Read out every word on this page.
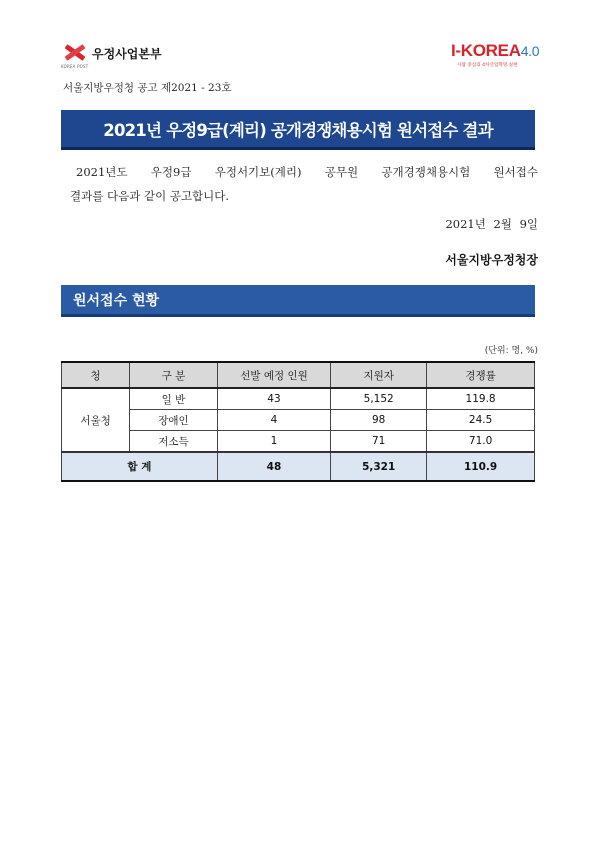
우정사업본부
KOREA POST
I-KOREA4.0
사람 중심의 4차산업혁명 실현
서울지방우정청 공고 제2021 - 23호
2021년 우정9급(계리) 공개경쟁채용시험 원서접수 결과
2021년도 우정9급 우정서기보(계리) 공무원 공개경쟁채용시험 원서접수
결과를 다음과 같이 공고합니다.
2021년 2월 9일
서울지방우정청장
원서접수 현황
(단위: 명, %)
청	구 분	선발 예정 인원	지원자	경쟁률
서울청	일 반	43	5,152	119.8
	장애인	4	98	24.5
	저소득	1	71	71.0
합 계		48	5,321	110.9
